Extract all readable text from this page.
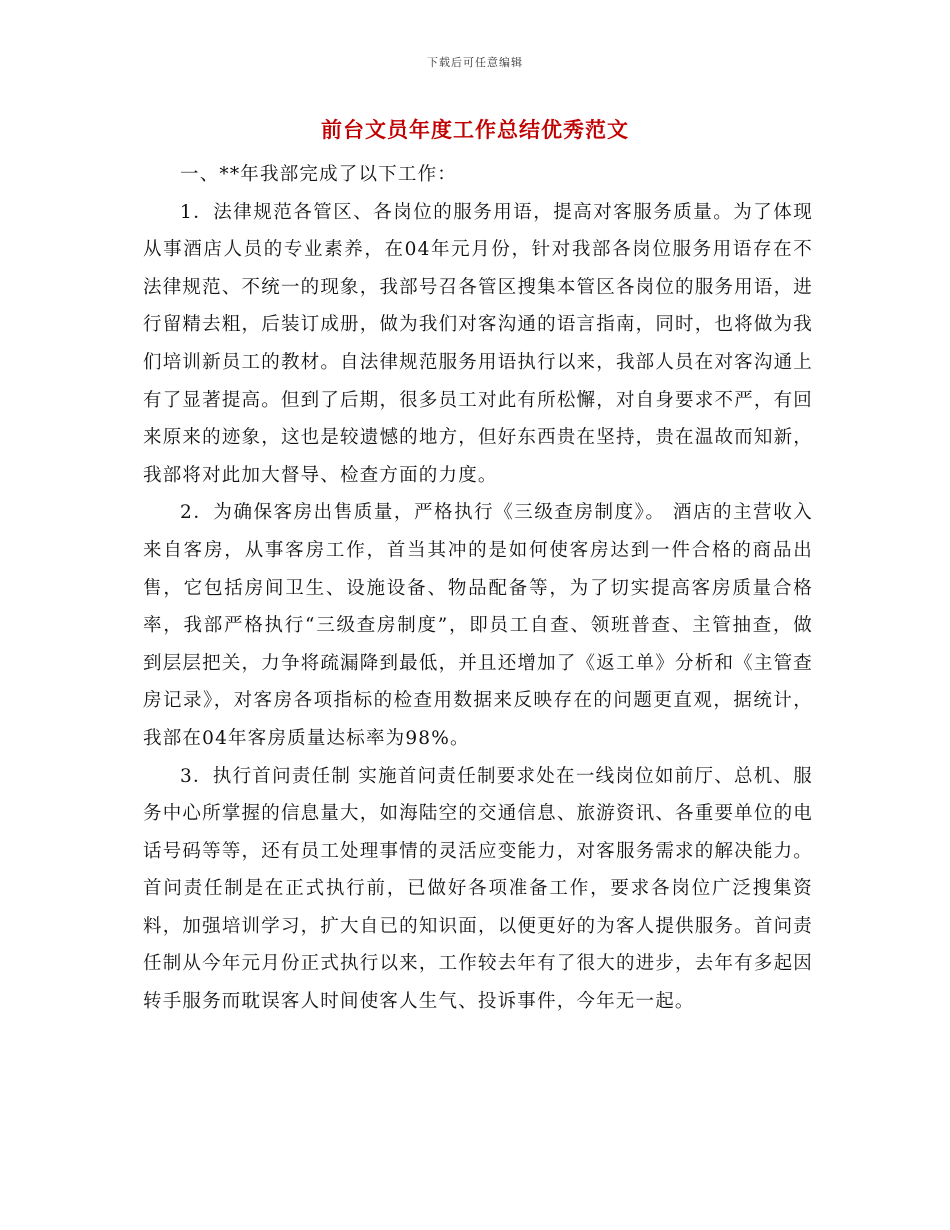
下载后可任意编辑
前台文员年度工作总结优秀范文

一、**年我部完成了以下工作：

1．法律规范各管区、各岗位的服务用语，提高对客服务质量。为了体现从事酒店人员的专业素养，在04年元月份，针对我部各岗位服务用语存在不法律规范、不统一的现象，我部号召各管区搜集本管区各岗位的服务用语，进行留精去粗，后装订成册，做为我们对客沟通的语言指南，同时，也将做为我们培训新员工的教材。自法律规范服务用语执行以来，我部人员在对客沟通上有了显著提高。但到了后期，很多员工对此有所松懈，对自身要求不严，有回来原来的迹象，这也是较遗憾的地方，但好东西贵在坚持，贵在温故而知新，我部将对此加大督导、检查方面的力度。

2．为确保客房出售质量，严格执行《三级查房制度》。 酒店的主营收入来自客房，从事客房工作，首当其冲的是如何使客房达到一件合格的商品出售，它包括房间卫生、设施设备、物品配备等，为了切实提高客房质量合格率，我部严格执行“三级查房制度”，即员工自查、领班普查、主管抽查，做到层层把关，力争将疏漏降到最低，并且还增加了《返工单》分析和《主管查房记录》，对客房各项指标的检查用数据来反映存在的问题更直观，据统计，我部在04年客房质量达标率为98%。

3．执行首问责任制 实施首问责任制要求处在一线岗位如前厅、总机、服务中心所掌握的信息量大，如海陆空的交通信息、旅游资讯、各重要单位的电话号码等等，还有员工处理事情的灵活应变能力，对客服务需求的解决能力。首问责任制是在正式执行前，已做好各项准备工作，要求各岗位广泛搜集资料，加强培训学习，扩大自已的知识面，以便更好的为客人提供服务。首问责任制从今年元月份正式执行以来，工作较去年有了很大的进步，去年有多起因转手服务而耽误客人时间使客人生气、投诉事件，今年无一起。
